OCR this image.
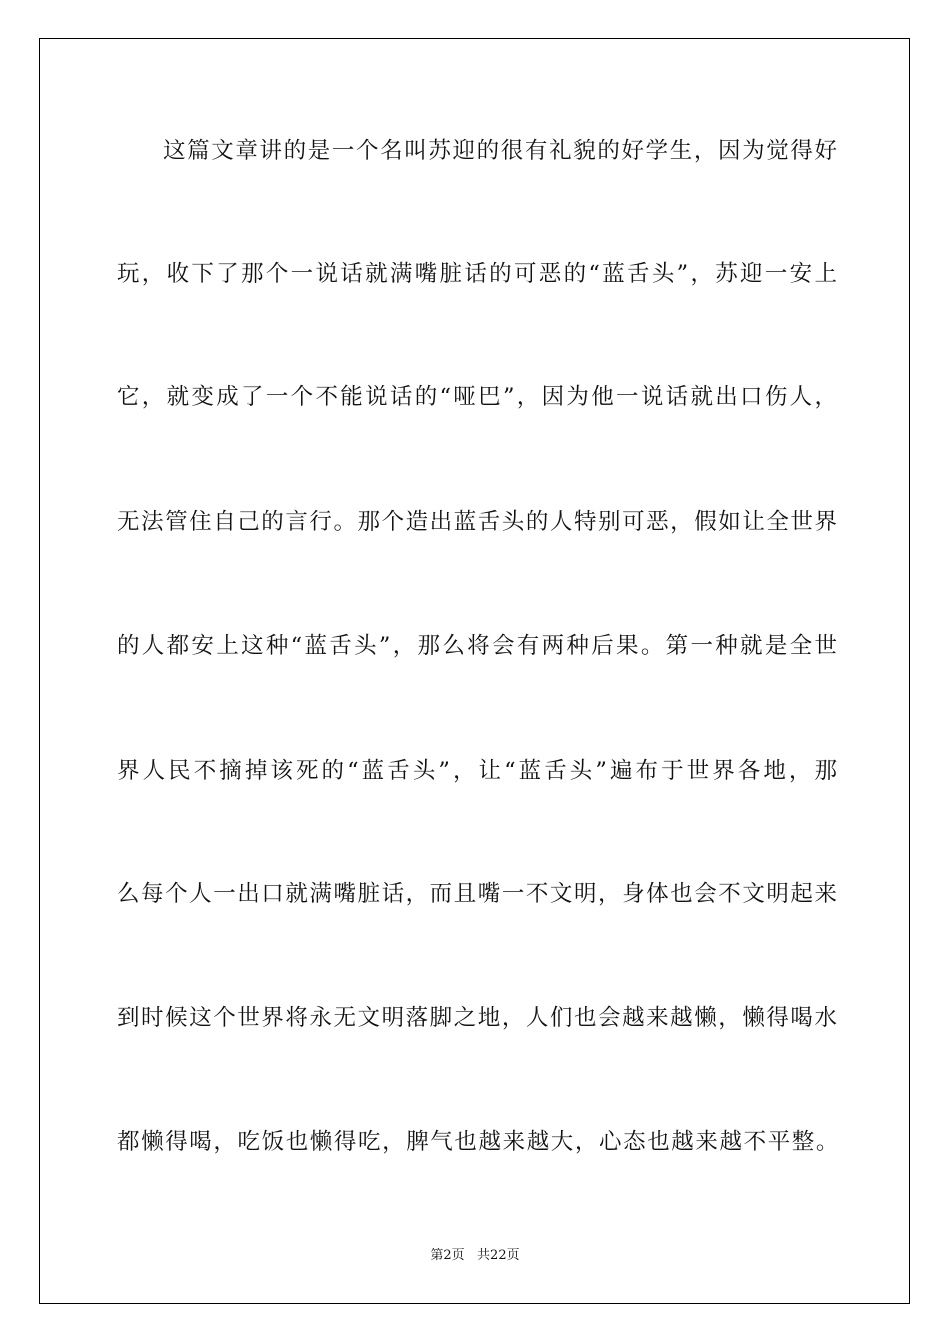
这篇文章讲的是一个名叫苏迎的很有礼貌的好学生，因为觉得好
玩，收下了那个一说话就满嘴脏话的可恶的“蓝舌头”，苏迎一安上
它，就变成了一个不能说话的“哑巴”，因为他一说话就出口伤人，
无法管住自己的言行。那个造出蓝舌头的人特别可恶，假如让全世界
的人都安上这种“蓝舌头”，那么将会有两种后果。第一种就是全世
界人民不摘掉该死的“蓝舌头”，让“蓝舌头”遍布于世界各地，那
么每个人一出口就满嘴脏话，而且嘴一不文明，身体也会不文明起来
到时候这个世界将永无文明落脚之地，人们也会越来越懒，懒得喝水
都懒得喝，吃饭也懒得吃，脾气也越来越大，心态也越来越不平整。
第2页   共22页
